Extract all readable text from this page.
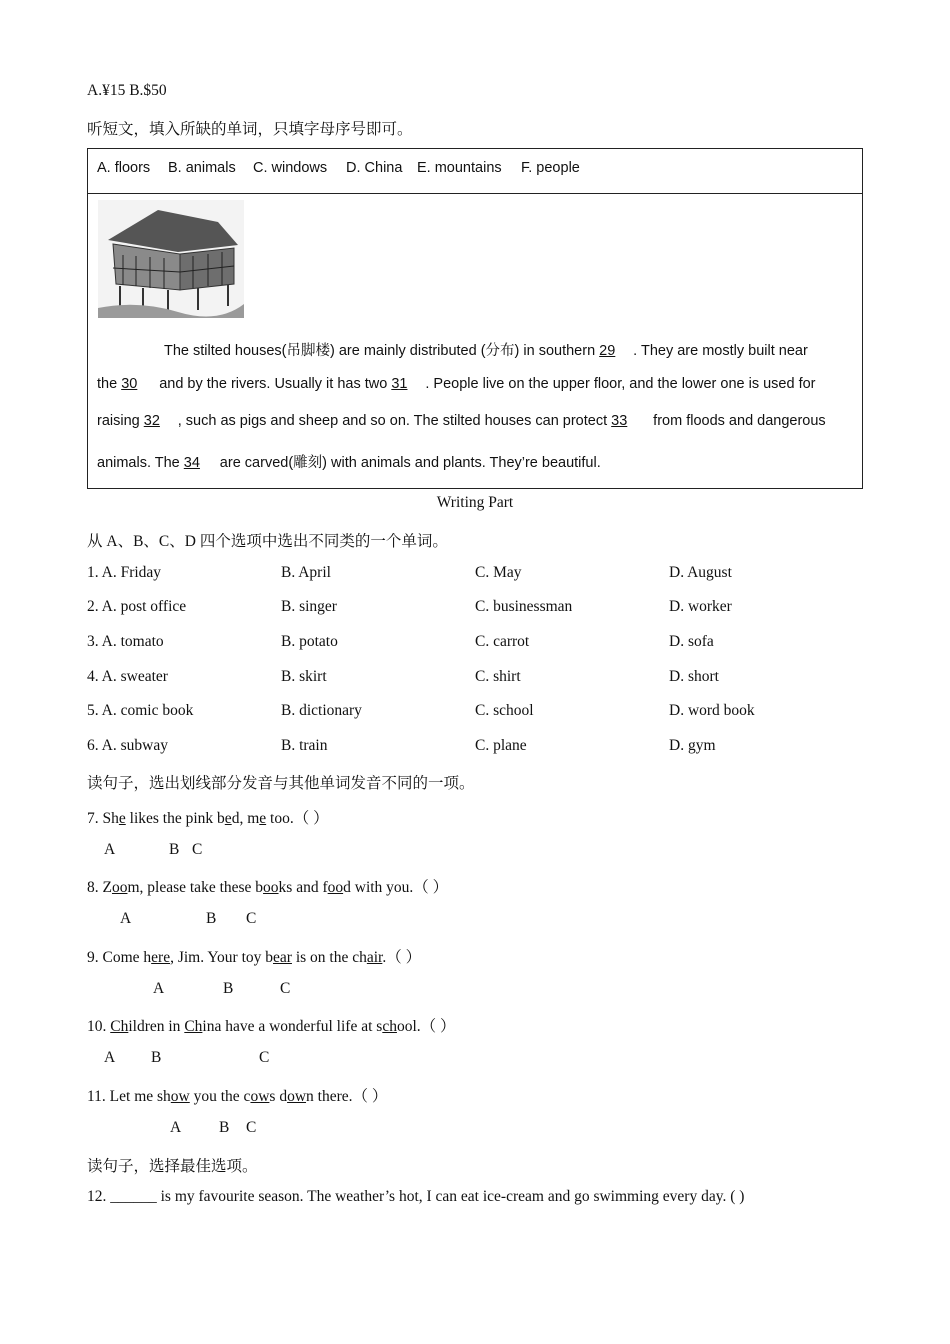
A.¥15 B.$50
听短文，填入所缺的单词，只填字母序号即可。
A. floors B. animals C. windows D. China E. mountains F. people
The stilted houses(吊脚楼) are mainly distributed (分布) in southern 29 . They are mostly built near
the 30 and by the rivers. Usually it has two 31 . People live on the upper floor, and the lower one is used for
raising 32 , such as pigs and sheep and so on. The stilted houses can protect 33 from floods and dangerous
animals. The 34 are carved(雕刻) with animals and plants. They’re beautiful.
Writing Part
从 A、B、C、D 四个选项中选出不同类的一个单词。
1. A. Friday	B. April	C. May	D. August
2. A. post office	B. singer	C. businessman	D. worker
3. A. tomato	B. potato	C. carrot	D. sofa
4. A. sweater	B. skirt	C. shirt	D. short
5. A. comic book	B. dictionary	C. school	D. word book
6. A. subway	B. train	C. plane	D. gym
读句子，选出划线部分发音与其他单词发音不同的一项。
7. She likes the pink bed, me too.（ ）
A	B C
8. Zoom, please take these books and food with you.（ ）
A	B C
9. Come here, Jim. Your toy bear is on the chair.（ ）
A	B	C
10. Children in China have a wonderful life at school.（ ）
A B	C
11. Let me show you the cows down there.（ ）
A B C
读句子，选择最佳选项。
12. ______ is my favourite season. The weather’s hot, I can eat ice-cream and go swimming every day. ( )
